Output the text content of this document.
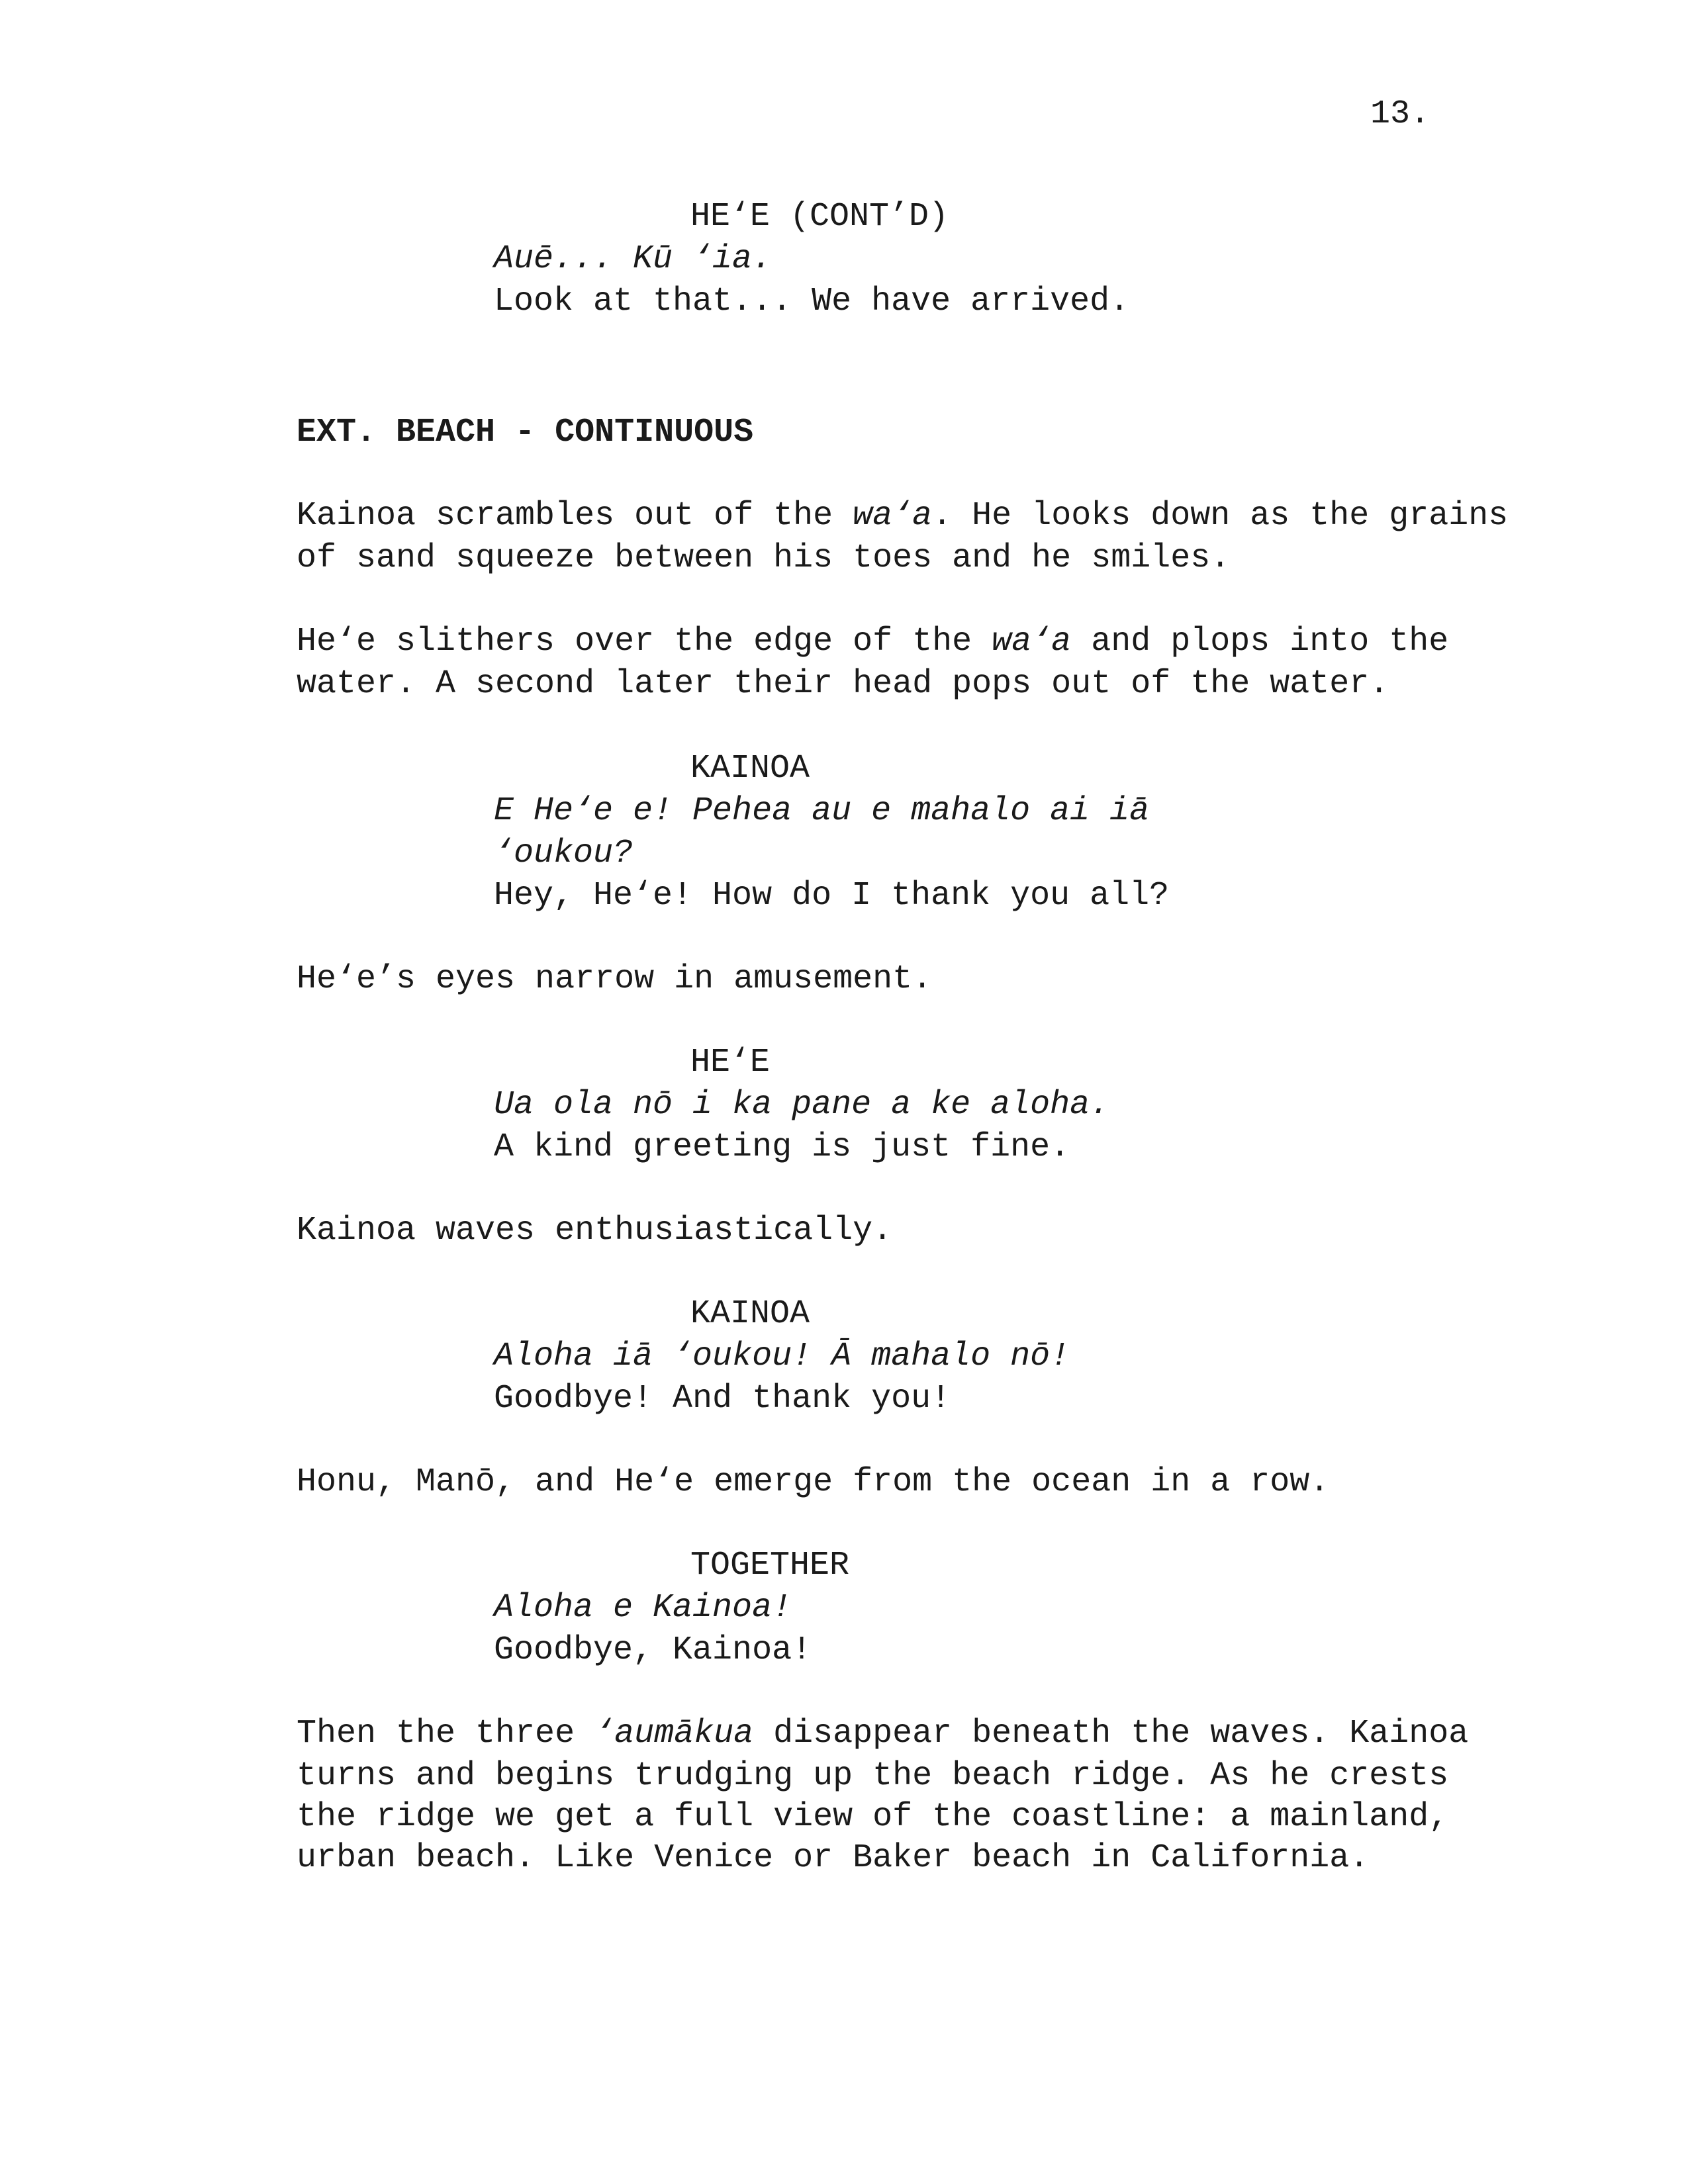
13.
HE‘E (CONT’D)
Auē... Kū ‘ia.
Look at that... We have arrived.
EXT. BEACH - CONTINUOUS
Kainoa scrambles out of the wa‘a. He looks down as the grains
of sand squeeze between his toes and he smiles.
He‘e slithers over the edge of the wa‘a and plops into the
water. A second later their head pops out of the water.
KAINOA
E He‘e e! Pehea au e mahalo ai iā
‘oukou?
Hey, He‘e! How do I thank you all?
He‘e’s eyes narrow in amusement.
HE‘E
Ua ola nō i ka pane a ke aloha.
A kind greeting is just fine.
Kainoa waves enthusiastically.
KAINOA
Aloha iā ‘oukou! Ā mahalo nō!
Goodbye! And thank you!
Honu, Manō, and He‘e emerge from the ocean in a row.
TOGETHER
Aloha e Kainoa!
Goodbye, Kainoa!
Then the three ‘aumākua disappear beneath the waves. Kainoa
turns and begins trudging up the beach ridge. As he crests
the ridge we get a full view of the coastline: a mainland,
urban beach. Like Venice or Baker beach in California.
